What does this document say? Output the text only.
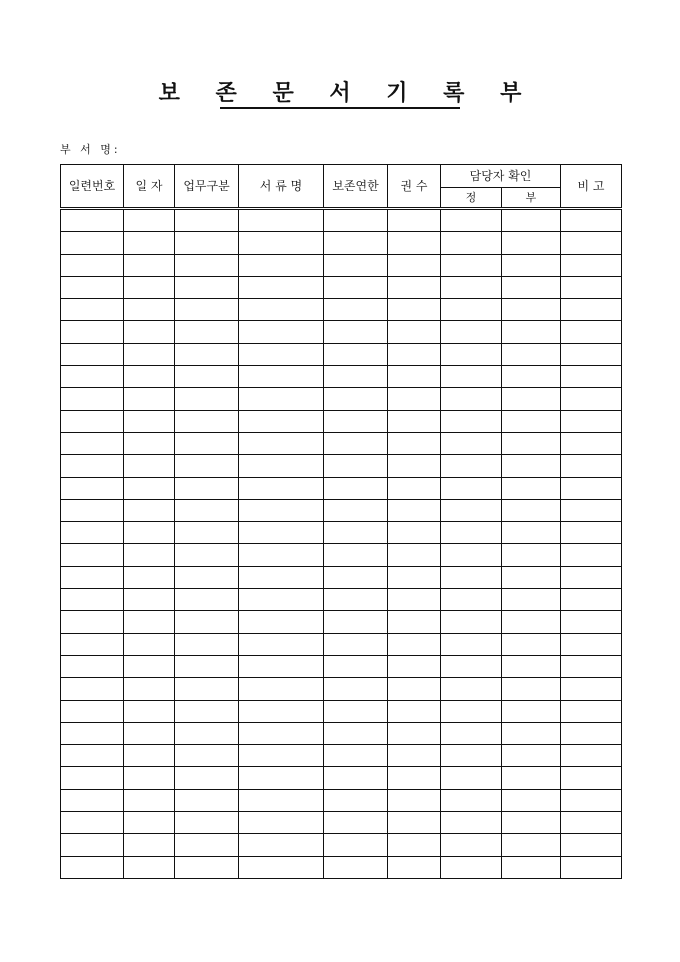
보 존 문 서 기 록 부
부 서 명:
일련번호	일 자	업무구분	서 류 명	보존연한	권 수	담당자 확인		비 고
						정	부	
